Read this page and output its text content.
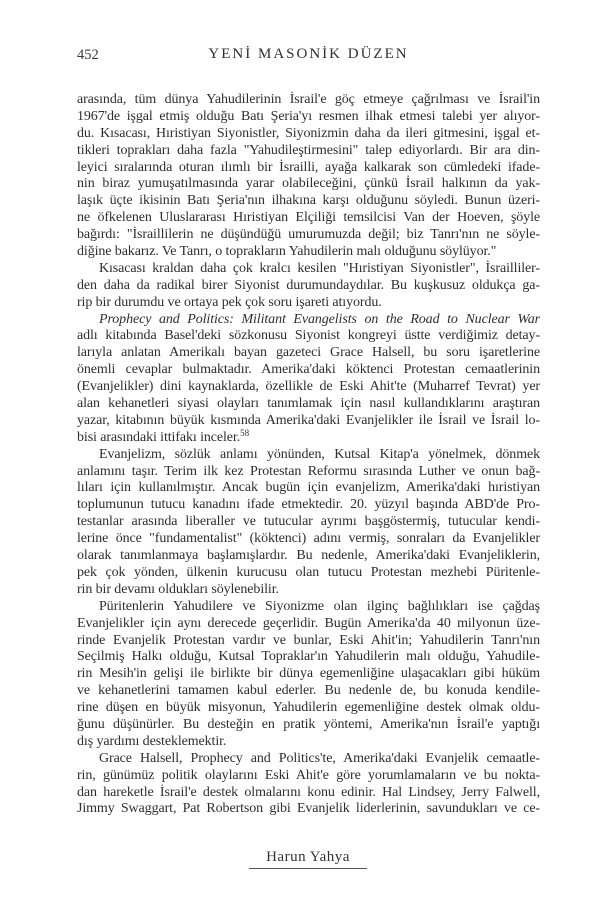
452	YENİ MASONİK DÜZEN
arasında, tüm dünya Yahudilerinin İsrail'e göç etmeye çağrılması ve İsrail'in
1967'de işgal etmiş olduğu Batı Şeria'yı resmen ilhak etmesi talebi yer alıyor-
du. Kısacası, Hıristiyan Siyonistler, Siyonizmin daha da ileri gitmesini, işgal et-
tikleri toprakları daha fazla "Yahudileştirmesini" talep ediyorlardı. Bir ara din-
leyici sıralarında oturan ılımlı bir İsrailli, ayağa kalkarak son cümledeki ifade-
nin biraz yumuşatılmasında yarar olabileceğini, çünkü İsrail halkının da yak-
laşık üçte ikisinin Batı Şeria'nın ilhakına karşı olduğunu söyledi. Bunun üzeri-
ne öfkelenen Uluslararası Hıristiyan Elçiliği temsilcisi Van der Hoeven, şöyle
bağırdı: "İsraillilerin ne düşündüğü umurumuzda değil; biz Tanrı'nın ne söyle-
diğine bakarız. Ve Tanrı, o toprakların Yahudilerin malı olduğunu söylüyor."
Kısacası kraldan daha çok kralcı kesilen "Hıristiyan Siyonistler", İsrailliler-
den daha da radikal birer Siyonist durumundaydılar. Bu kuşkusuz oldukça ga-
rip bir durumdu ve ortaya pek çok soru işareti atıyordu.
Prophecy and Politics: Militant Evangelists on the Road to Nuclear War
adlı kitabında Basel'deki sözkonusu Siyonist kongreyi üstte verdiğimiz detay-
larıyla anlatan Amerikalı bayan gazeteci Grace Halsell, bu soru işaretlerine
önemli cevaplar bulmaktadır. Amerika'daki köktenci Protestan cemaatlerinin
(Evanjelikler) dini kaynaklarda, özellikle de Eski Ahit'te (Muharref Tevrat) yer
alan kehanetleri siyasi olayları tanımlamak için nasıl kullandıklarını araştıran
yazar, kitabının büyük kısmında Amerika'daki Evanjelikler ile İsrail ve İsrail lo-
bisi arasındaki ittifakı inceler.$^{58}$
Evanjelizm, sözlük anlamı yönünden, Kutsal Kitap'a yönelmek, dönmek
anlamını taşır. Terim ilk kez Protestan Reformu sırasında Luther ve onun bağ-
lıları için kullanılmıştır. Ancak bugün için evanjelizm, Amerika'daki hıristiyan
toplumunun tutucu kanadını ifade etmektedir. 20. yüzyıl başında ABD'de Pro-
testanlar arasında liberaller ve tutucular ayrımı başgöstermiş, tutucular kendi-
lerine önce "fundamentalist" (köktenci) adını vermiş, sonraları da Evanjelikler
olarak tanımlanmaya başlamışlardır. Bu nedenle, Amerika'daki Evanjeliklerin,
pek çok yönden, ülkenin kurucusu olan tutucu Protestan mezhebi Püritenle-
rin bir devamı oldukları söylenebilir.
Püritenlerin Yahudilere ve Siyonizme olan ilginç bağlılıkları ise çağdaş
Evanjelikler için aynı derecede geçerlidir. Bugün Amerika'da 40 milyonun üze-
rinde Evanjelik Protestan vardır ve bunlar, Eski Ahit'in; Yahudilerin Tanrı'nın
Seçilmiş Halkı olduğu, Kutsal Topraklar'ın Yahudilerin malı olduğu, Yahudile-
rin Mesih'in gelişi ile birlikte bir dünya egemenliğine ulaşacakları gibi hüküm
ve kehanetlerini tamamen kabul ederler. Bu nedenle de, bu konuda kendile-
rine düşen en büyük misyonun, Yahudilerin egemenliğine destek olmak oldu-
ğunu düşünürler. Bu desteğin en pratik yöntemi, Amerika'nın İsrail'e yaptığı
dış yardımı desteklemektir.
Grace Halsell, Prophecy and Politics'te, Amerika'daki Evanjelik cemaatle-
rin, günümüz politik olaylarını Eski Ahit'e göre yorumlamaların ve bu nokta-
dan hareketle İsrail'e destek olmalarını konu edinir. Hal Lindsey, Jerry Falwell,
Jimmy Swaggart, Pat Robertson gibi Evanjelik liderlerinin, savundukları ve ce-
Harun Yahya
